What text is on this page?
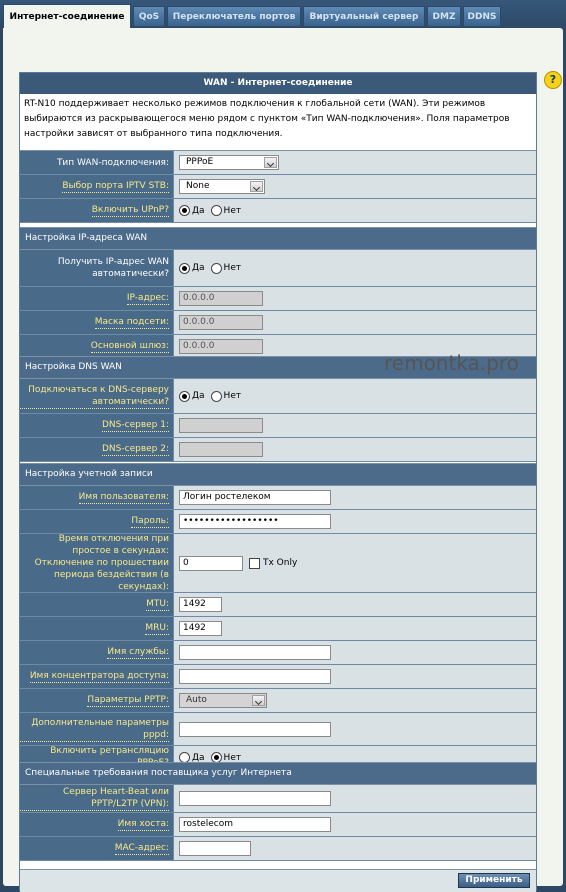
Интернет-соединение	QoS	Переключатель портов	Виртуальный сервер	DMZ	DDNS
?
WAN - Интернет-соединение
RT-N10 поддерживает несколько режимов подключения к глобальной сети (WAN). Эти режимов выбираются из раскрывающегося меню рядом с пунктом «Тип WAN-подключения». Поля параметров настройки зависят от выбранного типа подключения.
Тип WAN-подключения:	PPPoE
Выбор порта IPTV STB:	None
Включить UPnP?	Да Нет
Настройка IP-адреса WAN
Получить IP-адрес WAN автоматически?
Да Нет
IP-адрес:	0.0.0.0
Маска подсети:	0.0.0.0
Основной шлюз:	0.0.0.0
Настройка DNS WAN
Подключаться к DNS-серверу автоматически?
Да Нет
DNS-сервер 1:
DNS-сервер 2:
Настройка учетной записи
Имя пользователя:	Логин ростелеком
Пароль:	••••••••••••••••••
Время отключения при простое в секундах: Отключение по прошествии периода бездействия (в секундах):
0	Tx Only
MTU:	1492
MRU:	1492
Имя службы:
Имя концентратора доступа:
Параметры PPTP:	Auto
Дополнительные параметры pppd:
Включить ретрансляцию
Да Нет
Специальные требования поставщика услуг Интернета
Сервер Heart-Beat или PPTP/L2TP (VPN):
Имя хоста:	rostelecom
MAC-адрес:
Применить
remontka.pro
